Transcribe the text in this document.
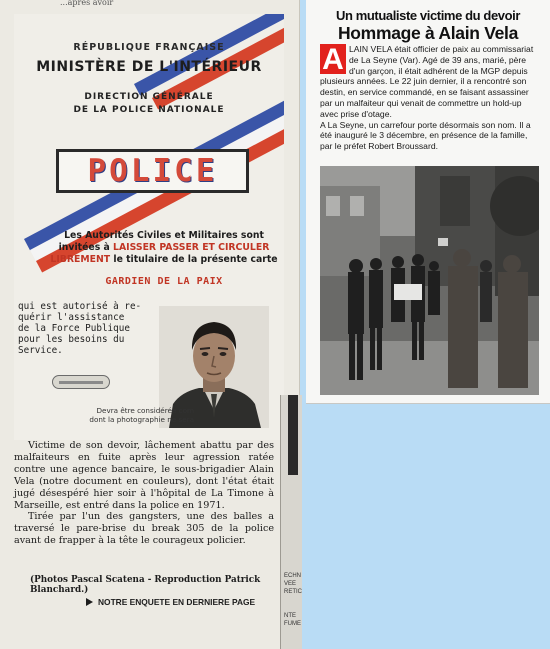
...après avoir
RÉPUBLIQUE FRANÇAISE
MINISTÈRE DE L'INTÉRIEUR
DIRECTION GÉNÉRALE
DE LA POLICE NATIONALE
POLICE
Les Autorités Civiles et Militaires sont
invitées à LAISSER PASSER ET CIRCULER
LIBREMENT le titulaire de la présente carte
GARDIEN DE LA PAIX
qui est autorisé à re-
quérir l'assistance
de la Force Publique
pour les besoins du
Service.
Devra être considérée com
dont la photographie ne sera

Victime de son devoir, lâchement abattu par des malfaiteurs en fuite après leur agression ratée contre une agence bancaire, le sous-brigadier Alain Vela (notre document en couleurs), dont l'état était jugé désespéré hier soir à l'hôpital de La Timone à Marseille, est entré dans la police en 1971.

Tirée par l'un des gangsters, une des balles a traversé le pare-brise du break 305 de la police avant de frapper à la tête le courageux policier.

(Photos Pascal Scatena - Reproduction Patrick Blanchard.)
NOTRE ENQUETE EN DERNIERE PAGE
ECHN
VEE
RETIC
NTE
FUME
Un mutualiste victime du devoir
Hommage à Alain Vela
A LAIN VELA était officier de paix au commissariat
de La Seyne (Var). Agé de 39 ans, marié, père
d'un garçon, il était adhérent de la MGP depuis
plusieurs années. Le 22 juin dernier, il a rencontré son
destin, en service commandé, en se faisant assassiner
par un malfaiteur qui venait de commettre un hold-up
avec prise d'otage.
A La Seyne, un carrefour porte désormais son nom. Il a
été inauguré le 3 décembre, en présence de la famille,
par le préfet Robert Broussard.
